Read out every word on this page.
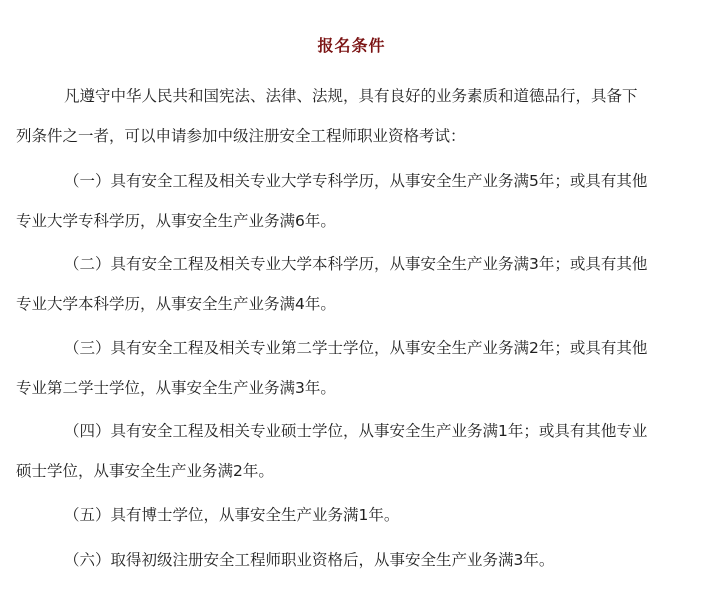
报名条件

凡遵守中华人民共和国宪法、法律、法规，具有良好的业务素质和道德品行，具备下列条件之一者，可以申请参加中级注册安全工程师职业资格考试：

（一）具有安全工程及相关专业大学专科学历，从事安全生产业务满5年；或具有其他专业大学专科学历，从事安全生产业务满6年。

（二）具有安全工程及相关专业大学本科学历，从事安全生产业务满3年；或具有其他专业大学本科学历，从事安全生产业务满4年。

（三）具有安全工程及相关专业第二学士学位，从事安全生产业务满2年；或具有其他专业第二学士学位，从事安全生产业务满3年。

（四）具有安全工程及相关专业硕士学位，从事安全生产业务满1年；或具有其他专业硕士学位，从事安全生产业务满2年。

（五）具有博士学位，从事安全生产业务满1年。

（六）取得初级注册安全工程师职业资格后，从事安全生产业务满3年。
